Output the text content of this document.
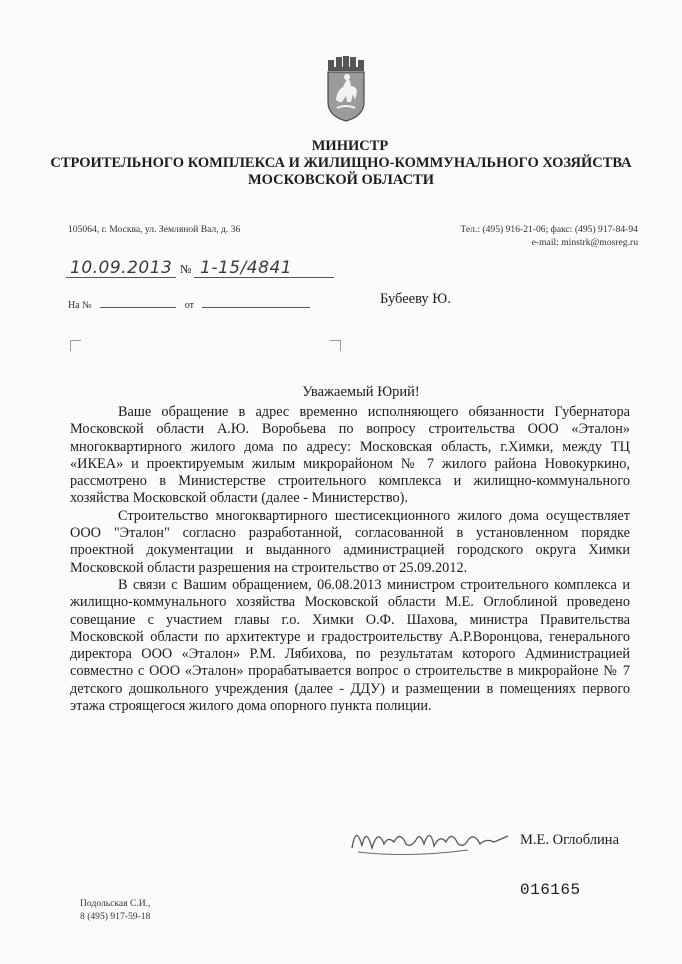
МИНИСТР
СТРОИТЕЛЬНОГО КОМПЛЕКСА И ЖИЛИЩНО-КОММУНАЛЬНОГО ХОЗЯЙСТВА
МОСКОВСКОЙ ОБЛАСТИ
105064, г. Москва, ул. Земляной Вал, д. 36	Тел.: (495) 916-21-06; факс: (495) 917-84-94
e-mail: minstrk@mosreg.ru
10.09.2013 № 1-15/4841
На №	от	Бубееву Ю.
Уважаемый Юрий!

Ваше обращение в адрес временно исполняющего обязанности Губернатора Московской области А.Ю. Воробьева по вопросу строительства ООО «Эталон» многоквартирного жилого дома по адресу: Московская область, г.Химки, между ТЦ «ИКЕА» и проектируемым жилым микрорайоном № 7 жилого района Новокуркино, рассмотрено в Министерстве строительного комплекса и жилищно-коммунального хозяйства Московской области (далее - Министерство).

Строительство многоквартирного шестисекционного жилого дома осуществляет ООО "Эталон" согласно разработанной, согласованной в установленном порядке проектной документации и выданного администрацией городского округа Химки Московской области разрешения на строительство от 25.09.2012.

В связи с Вашим обращением, 06.08.2013 министром строительного комплекса и жилищно-коммунального хозяйства Московской области М.Е. Оглоблиной проведено совещание с участием главы г.о. Химки О.Ф. Шахова, министра Правительства Московской области по архитектуре и градостроительству А.Р.Воронцова, генерального директора ООО «Эталон» Р.М. Лябихова, по результатам которого Администрацией совместно с ООО «Эталон» прорабатывается вопрос о строительстве в микрорайоне № 7 детского дошкольного учреждения (далее - ДДУ) и размещении в помещениях первого этажа строящегося жилого дома опорного пункта полиции.

М.Е. Оглоблина
016165
Подольская С.И.,
8 (495) 917-59-18
